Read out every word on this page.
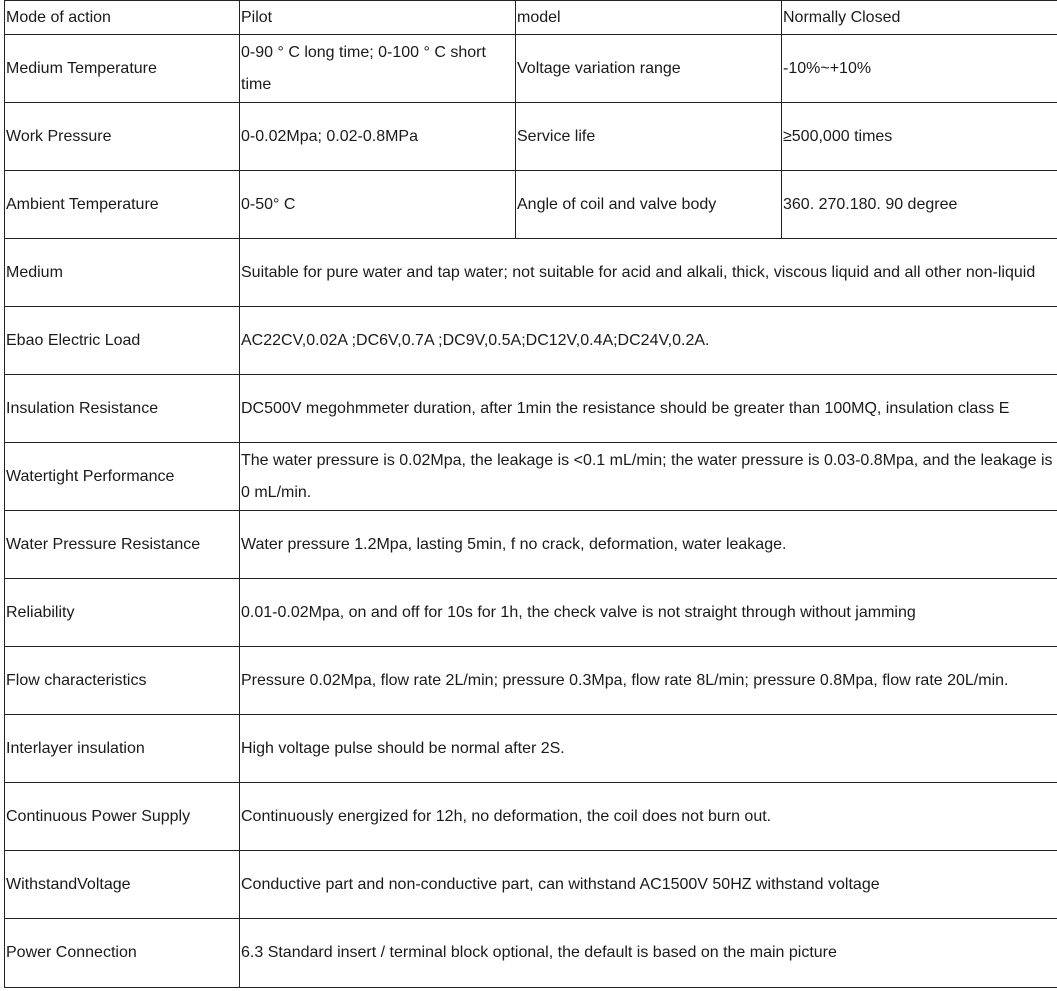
Mode of action	Pilot	model	Normally Closed
Medium Temperature	0-90 ° C long time; 0-100 ° C short time	Voltage variation range	-10%~+10%
Work Pressure	0-0.02Mpa; 0.02-0.8MPa	Service life	≥500,000 times
Ambient Temperature	0-50° C	Angle of coil and valve body	360. 270.180. 90 degree
Medium	Suitable for pure water and tap water; not suitable for acid and alkali, thick, viscous liquid and all other non-liquid		
Ebao Electric Load	AC22CV,0.02A ;DC6V,0.7A ;DC9V,0.5A;DC12V,0.4A;DC24V,0.2A.		
Insulation Resistance	DC500V megohmmeter duration, after 1min the resistance should be greater than 100MQ, insulation class E		
Watertight Performance	The water pressure is 0.02Mpa, the leakage is <0.1 mL/min; the water pressure is 0.03-0.8Mpa, and the leakage is 0 mL/min.		
Water Pressure Resistance	Water pressure 1.2Mpa, lasting 5min, f no crack, deformation, water leakage.		
Reliability	0.01-0.02Mpa, on and off for 10s for 1h, the check valve is not straight through without jamming		
Flow characteristics	Pressure 0.02Mpa, flow rate 2L/min; pressure 0.3Mpa, flow rate 8L/min; pressure 0.8Mpa, flow rate 20L/min.		
Interlayer insulation	High voltage pulse should be normal after 2S.		
Continuous Power Supply	Continuously energized for 12h, no deformation, the coil does not burn out.		
WithstandVoltage	Conductive part and non-conductive part, can withstand AC1500V 50HZ withstand voltage		
Power Connection	6.3 Standard insert / terminal block optional, the default is based on the main picture		
